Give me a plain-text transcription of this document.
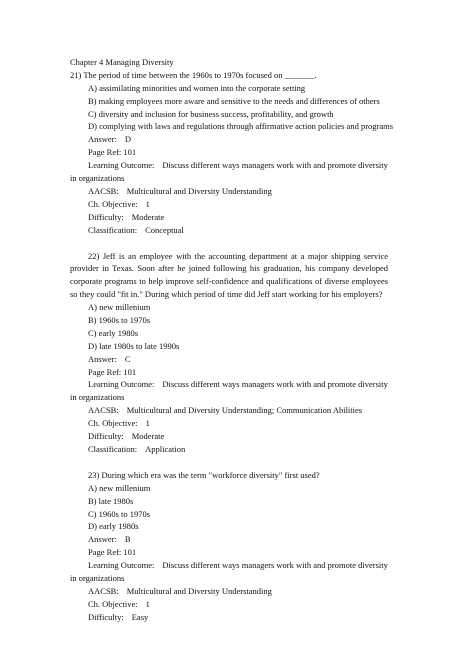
Chapter 4 Managing Diversity
21) The period of time between the 1960s to 1970s focused on _______.
A) assimilating minorities and women into the corporate setting
B) making employees more aware and sensitive to the needs and differences of others
C) diversity and inclusion for business success, profitability, and growth
D) complying with laws and regulations through affirmative action policies and programs
Answer: D
Page Ref: 101
Learning Outcome: Discuss different ways managers work with and promote diversity in organizations
AACSB: Multicultural and Diversity Understanding
Ch. Objective: 1
Difficulty: Moderate
Classification: Conceptual
22) Jeff is an employee with the accounting department at a major shipping service provider in Texas. Soon after he joined following his graduation, his company developed corporate programs to help improve self-confidence and qualifications of diverse employees so they could "fit in." During which period of time did Jeff start working for his employers?
A) new millenium
B) 1960s to 1970s
C) early 1980s
D) late 1980s to late 1990s
Answer: C
Page Ref: 101
Learning Outcome: Discuss different ways managers work with and promote diversity in organizations
AACSB: Multicultural and Diversity Understanding; Communication Abilities
Ch. Objective: 1
Difficulty: Moderate
Classification: Application
23) During which era was the term "workforce diversity" first used?
A) new millenium
B) late 1980s
C) 1960s to 1970s
D) early 1980s
Answer: B
Page Ref: 101
Learning Outcome: Discuss different ways managers work with and promote diversity in organizations
AACSB: Multicultural and Diversity Understanding
Ch. Objective: 1
Difficulty: Easy
